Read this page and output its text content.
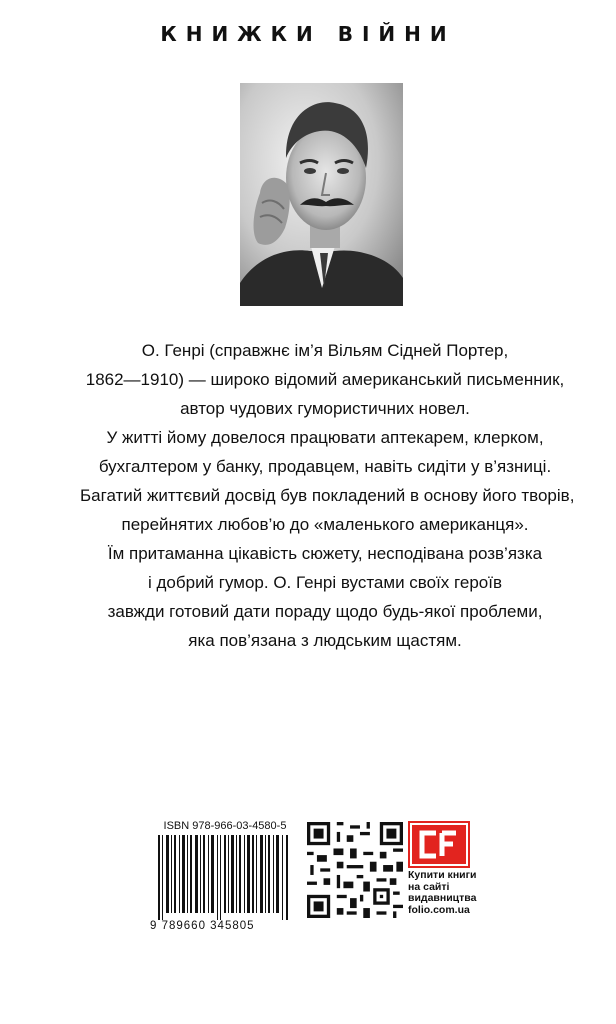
КНИЖКИ ВІЙНИ
О. Генрі (справжнє ім’я Вільям Сідней Портер,
1862—1910) — широко відомий американський письменник,
автор чудових гумористичних новел.
У житті йому довелося працювати аптекарем, клерком,
бухгалтером у банку, продавцем, навіть сидіти у в’язниці.
Багатий життєвий досвід був покладений в основу його творів,
перейнятих любов’ю до «маленького американця».
Їм притаманна цікавість сюжету, несподівана розв’язка
і добрий гумор. О. Генрі вустами своїх героїв
завжди готовий дати пораду щодо будь-якої проблеми,
яка пов’язана з людським щастям.
ISBN 978-966-03-4580-5
9 789660 345805
Купити книги
на сайті
видавництва
folio.com.ua
